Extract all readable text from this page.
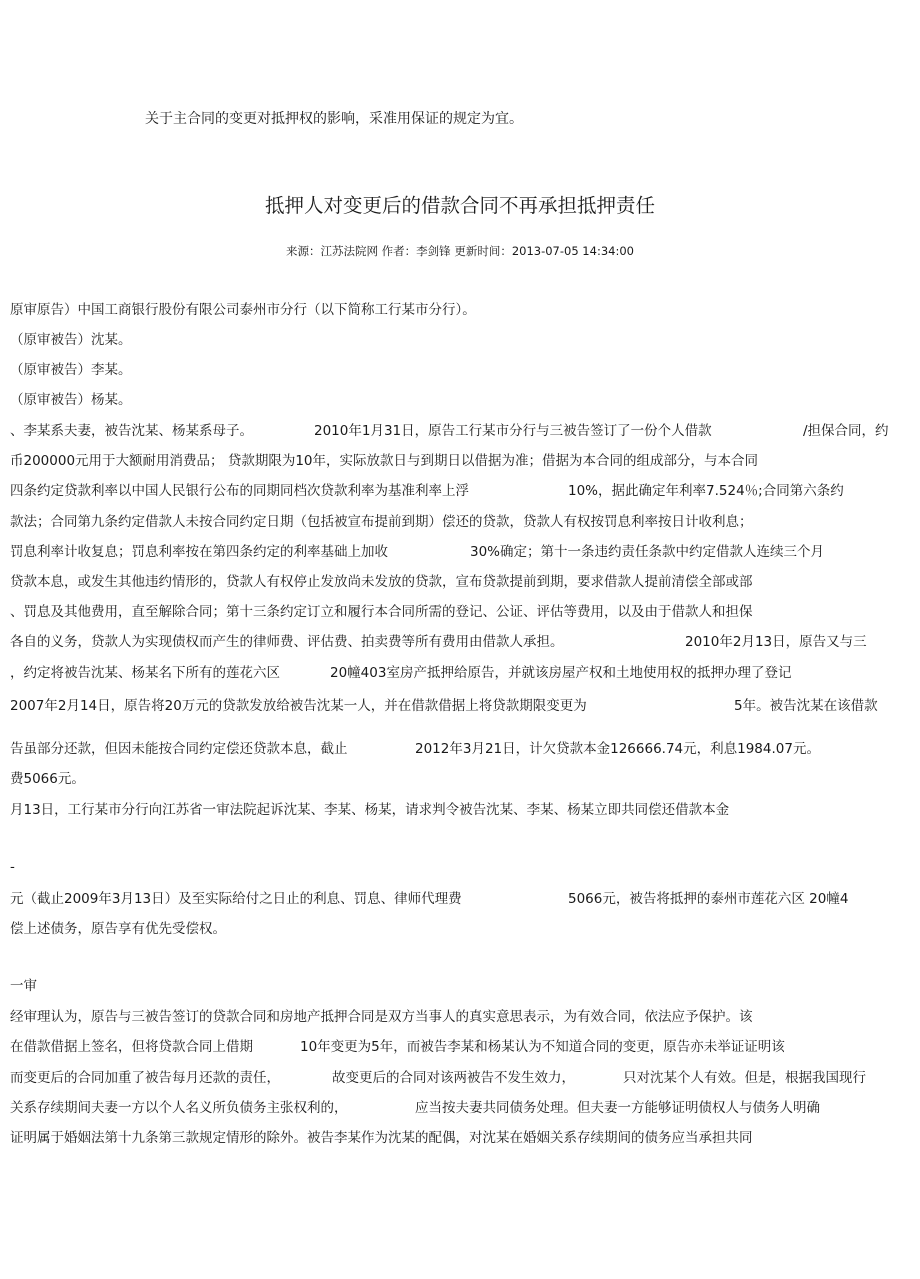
关于主合同的变更对抵押权的影响，采准用保证的规定为宜。

抵押人对变更后的借款合同不再承担抵押责任

来源：江苏法院网 作者：李剑锋 更新时间：2013-07-05 14:34:00

原审原告）中国工商银行股份有限公司泰州市分行（以下简称工行某市分行）。

（原审被告）沈某。

（原审被告）李某。

（原审被告）杨某。

、李某系夫妻，被告沈某、杨某系母子。	2010年1月31日，原告工行某市分行与三被告签订了一份个人借款	/担保合同，约

币200000元用于大额耐用消费品； 贷款期限为10年，实际放款日与到期日以借据为准；借据为本合同的组成部分，与本合同

四条约定贷款利率以中国人民银行公布的同期同档次贷款利率为基准利率上浮	10%，据此确定年利率7.524％;合同第六条约

款法；合同第九条约定借款人未按合同约定日期（包括被宣布提前到期）偿还的贷款，贷款人有权按罚息利率按日计收利息；

罚息利率计收复息；罚息利率按在第四条约定的利率基础上加收	30%确定；第十一条违约责任条款中约定借款人连续三个月

贷款本息，或发生其他违约情形的，贷款人有权停止发放尚未发放的贷款，宣布贷款提前到期，要求借款人提前清偿全部或部

、罚息及其他费用，直至解除合同；第十三条约定订立和履行本合同所需的登记、公证、评估等费用，以及由于借款人和担保

各自的义务，贷款人为实现债权而产生的律师费、评估费、拍卖费等所有费用由借款人承担。	2010年2月13日，原告又与三

，约定将被告沈某、杨某名下所有的莲花六区	20幢403室房产抵押给原告，并就该房屋产权和土地使用权的抵押办理了登记

2007年2月14日，原告将20万元的贷款发放给被告沈某一人，并在借款借据上将贷款期限变更为	5年。被告沈某在该借款

告虽部分还款，但因未能按合同约定偿还贷款本息，截止	2012年3月21日，计欠贷款本金126666.74元，利息1984.07元。

费5066元。

月13日，工行某市分行向江苏省一审法院起诉沈某、李某、杨某，请求判令被告沈某、李某、杨某立即共同偿还借款本金

-

元（截止2009年3月13日）及至实际给付之日止的利息、罚息、律师代理费	5066元，被告将抵押的泰州市莲花六区 20幢4

偿上述债务，原告享有优先受偿权。

一审

经审理认为，原告与三被告签订的贷款合同和房地产抵押合同是双方当事人的真实意思表示，为有效合同，依法应予保护。该

在借款借据上签名，但将贷款合同上借期	10年变更为5年，而被告李某和杨某认为不知道合同的变更，原告亦未举证证明该

而变更后的合同加重了被告每月还款的责任，	故变更后的合同对该两被告不发生效力，	只对沈某个人有效。但是，根据我国现行

关系存续期间夫妻一方以个人名义所负债务主张权利的，	应当按夫妻共同债务处理。但夫妻一方能够证明债权人与债务人明确

证明属于婚姻法第十九条第三款规定情形的除外。被告李某作为沈某的配偶，对沈某在婚姻关系存续期间的债务应当承担共同
